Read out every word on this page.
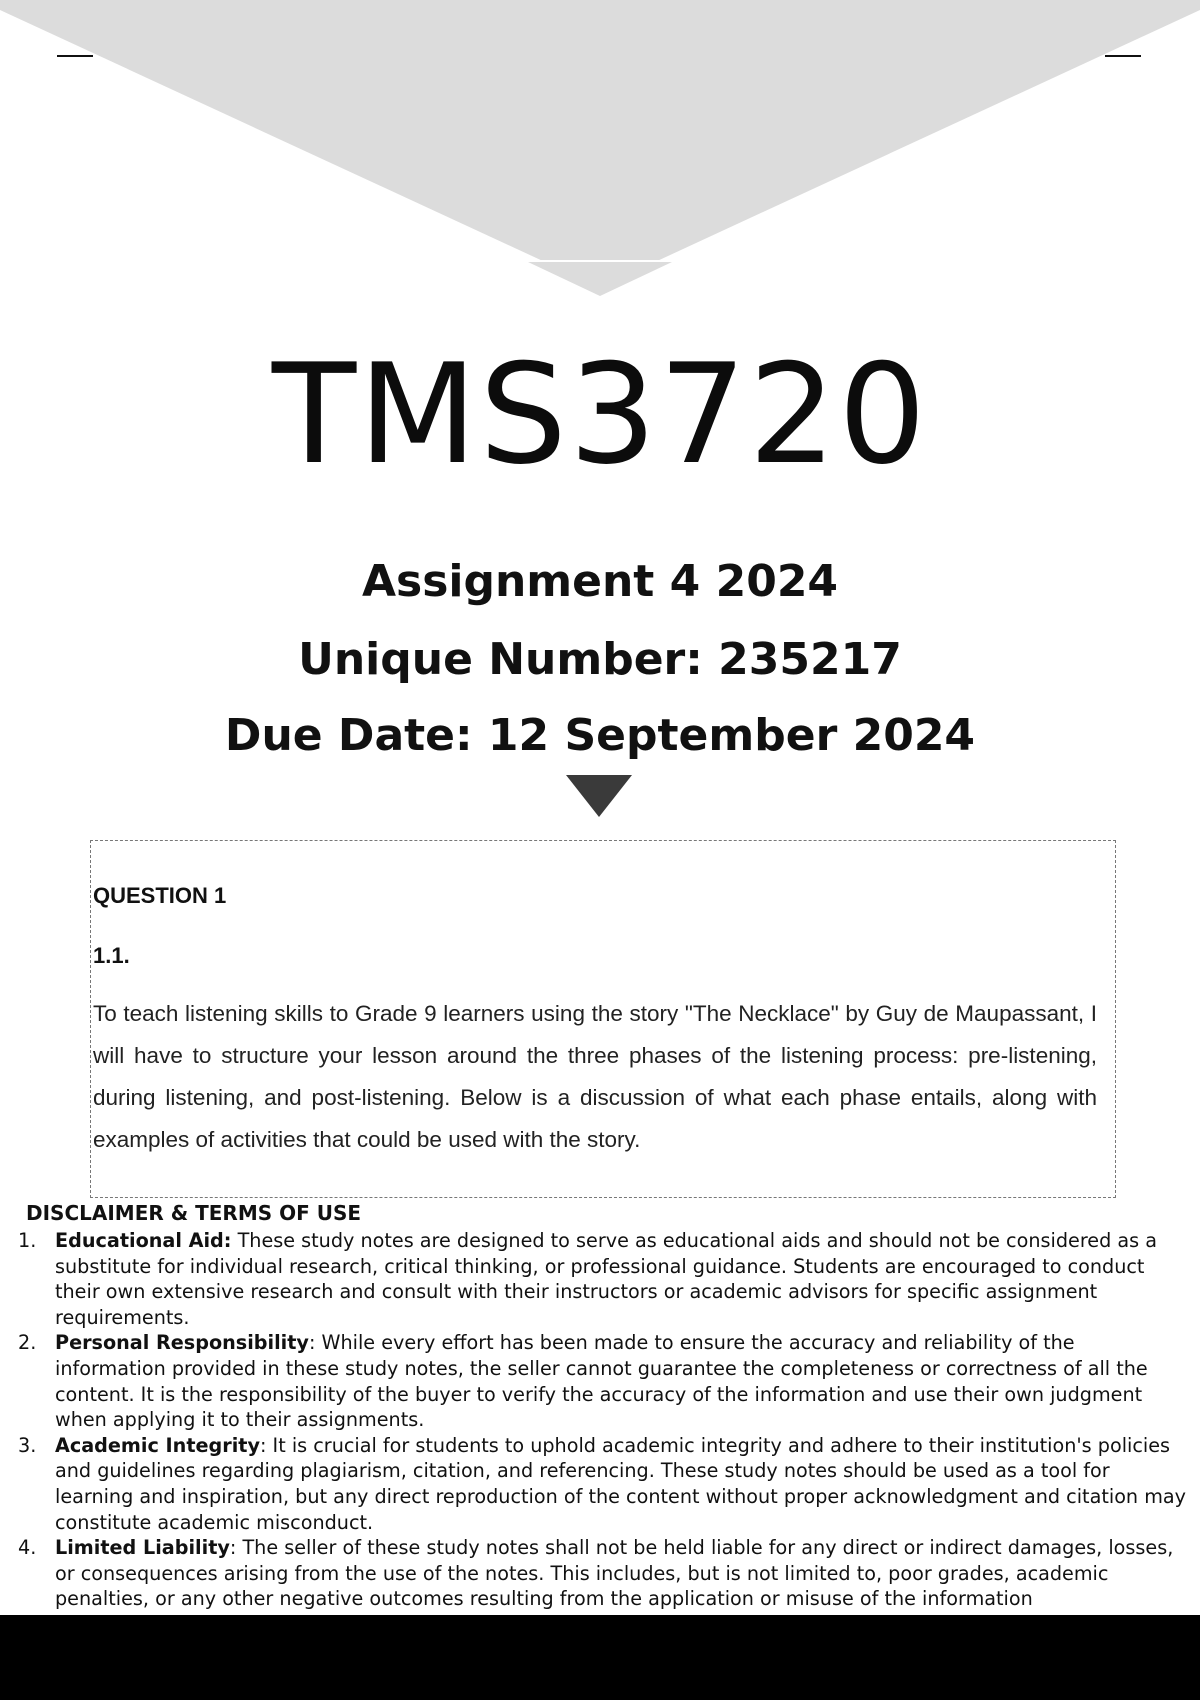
TMS3720
Assignment 4 2024
Unique Number: 235217
Due Date: 12 September 2024
QUESTION 1
1.1.

To teach listening skills to Grade 9 learners using the story "The Necklace" by Guy de Maupassant, I will have to structure your lesson around the three phases of the listening process: pre-listening, during listening, and post-listening. Below is a discussion of what each phase entails, along with examples of activities that could be used with the story.

DISCLAIMER & TERMS OF USE
1. Educational Aid: These study notes are designed to serve as educational aids and should not be considered as a substitute for individual research, critical thinking, or professional guidance. Students are encouraged to conduct their own extensive research and consult with their instructors or academic advisors for specific assignment requirements.
2. Personal Responsibility: While every effort has been made to ensure the accuracy and reliability of the information provided in these study notes, the seller cannot guarantee the completeness or correctness of all the content. It is the responsibility of the buyer to verify the accuracy of the information and use their own judgment when applying it to their assignments.
3. Academic Integrity: It is crucial for students to uphold academic integrity and adhere to their institution's policies and guidelines regarding plagiarism, citation, and referencing. These study notes should be used as a tool for learning and inspiration, but any direct reproduction of the content without proper acknowledgment and citation may constitute academic misconduct.
4. Limited Liability: The seller of these study notes shall not be held liable for any direct or indirect damages, losses, or consequences arising from the use of the notes. This includes, but is not limited to, poor grades, academic penalties, or any other negative outcomes resulting from the application or misuse of the information
